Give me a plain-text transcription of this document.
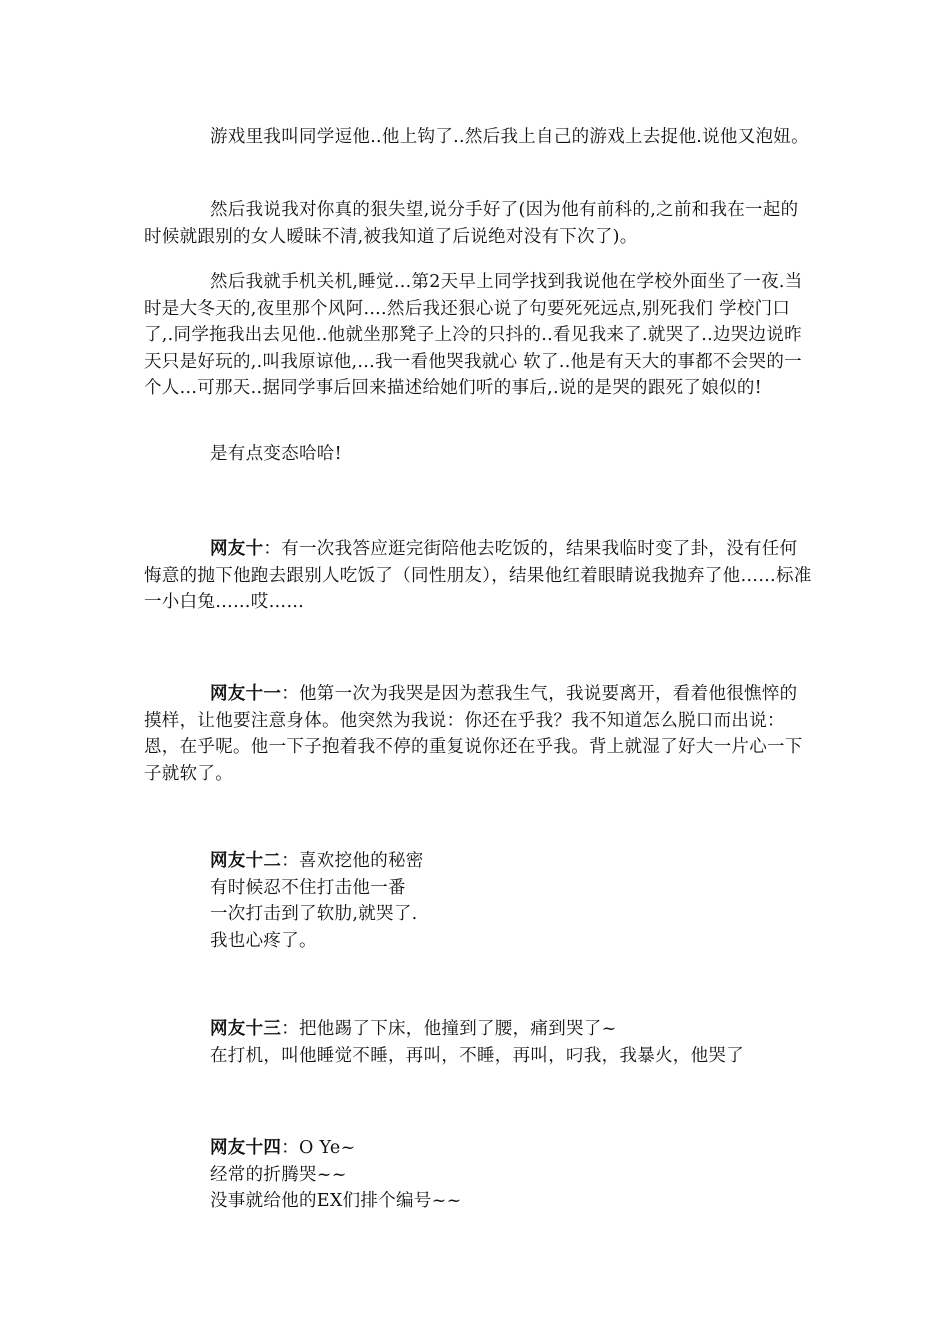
游戏里我叫同学逗他..他上钩了..然后我上自己的游戏上去捉他.说他又泡妞。

然后我说我对你真的狠失望,说分手好了(因为他有前科的,之前和我在一起的时候就跟别的女人暧昧不清,被我知道了后说绝对没有下次了)。

然后我就手机关机,睡觉...第2天早上同学找到我说他在学校外面坐了一夜.当时是大冬天的,夜里那个风阿....然后我还狠心说了句要死死远点,别死我们 学校门口了,.同学拖我出去见他..他就坐那凳子上冷的只抖的..看见我来了.就哭了..边哭边说昨天只是好玩的,.叫我原谅他,...我一看他哭我就心 软了..他是有天大的事都不会哭的一个人...可那天..据同学事后回来描述给她们听的事后,.说的是哭的跟死了娘似的!

是有点变态哈哈!

网友十：有一次我答应逛完街陪他去吃饭的，结果我临时变了卦，没有任何悔意的抛下他跑去跟别人吃饭了（同性朋友），结果他红着眼睛说我抛弃了他……标准一小白兔……哎……

网友十一：他第一次为我哭是因为惹我生气，我说要离开，看着他很憔悴的摸样，让他要注意身体。他突然为我说：你还在乎我？我不知道怎么脱口而出说：恩，在乎呢。他一下子抱着我不停的重复说你还在乎我。背上就湿了好大一片心一下子就软了。

网友十二：喜欢挖他的秘密
有时候忍不住打击他一番
一次打击到了软肋,就哭了.
我也心疼了。
网友十三：把他踢了下床，他撞到了腰，痛到哭了~
在打机，叫他睡觉不睡，再叫，不睡，再叫，叼我，我暴火，他哭了
网友十四：O Ye~
经常的折腾哭~~
没事就给他的EX们排个编号~~
